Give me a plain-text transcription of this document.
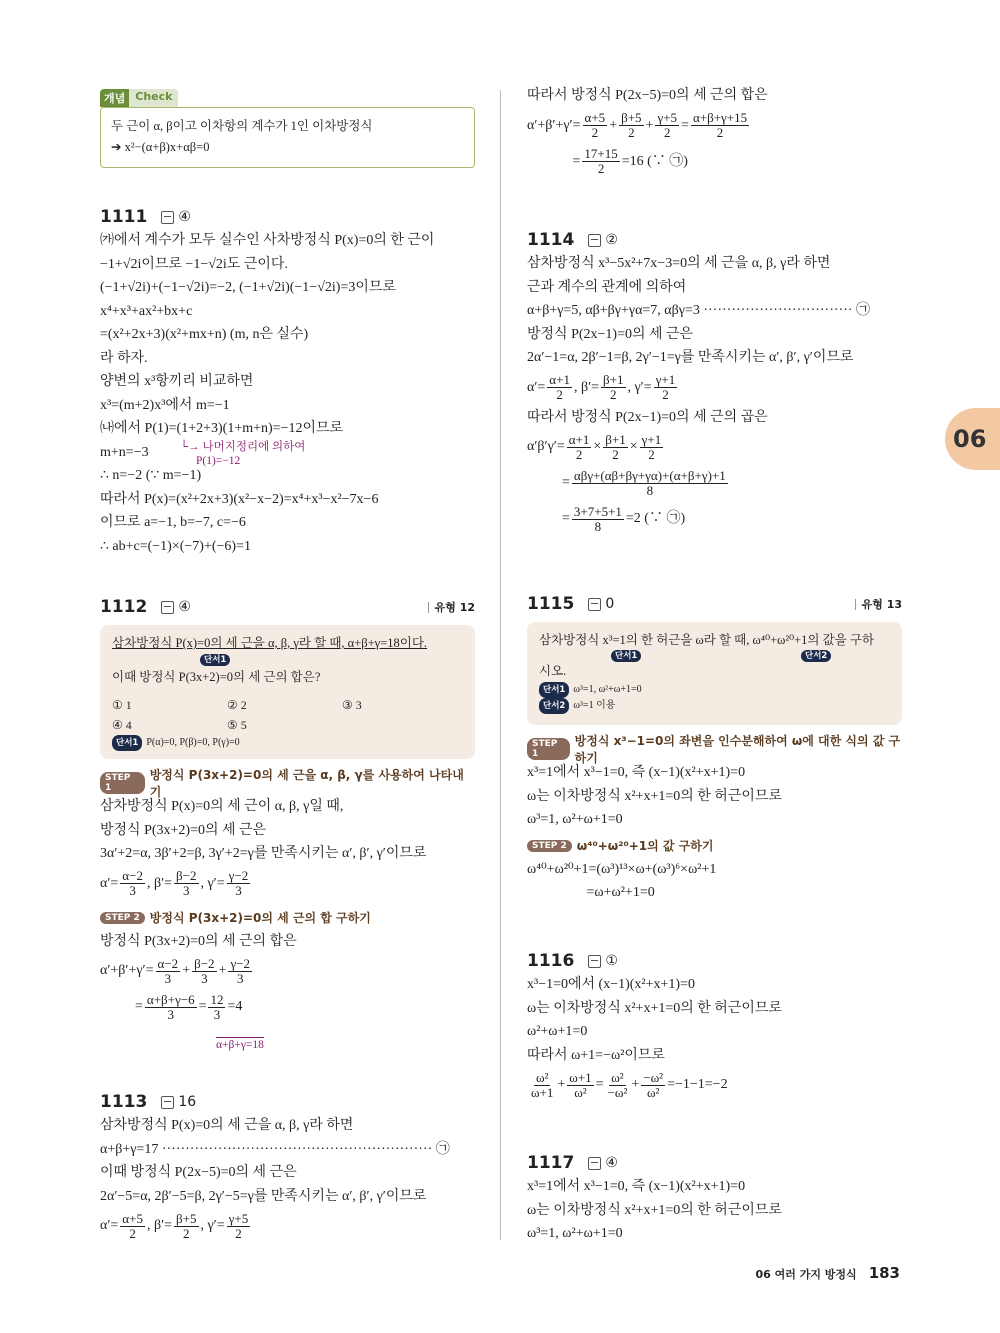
06
개념 Check
두 근이 α, β이고 이차항의 계수가 1인 이차방정식
➔ x²−(α+β)x+αβ=0
1111 ④
㈎에서 계수가 모두 실수인 사차방정식 P(x)=0의 한 근이
−1+√2i이므로 −1−√2i도 근이다.
(−1+√2i)+(−1−√2i)=−2, (−1+√2i)(−1−√2i)=3이므로
x⁴+x³+ax²+bx+c
=(x²+2x+3)(x²+mx+n) (m, n은 실수)
라 하자.
양변의 x³항끼리 비교하면
x³=(m+2)x³에서 m=−1
㈏에서 P(1)=(1+2+3)(1+m+n)=−12이므로
m+n=−3
∴ n=−2 (∵ m=−1)
따라서 P(x)=(x²+2x+3)(x²−x−2)=x⁴+x³−x²−7x−6
이므로 a=−1, b=−7, c=−6
∴ ab+c=(−1)×(−7)+(−6)=1
└→ 나머지정리에 의하여
P(1)=−12
1112 ④	유형 12
삼차방정식 P(x)=0의 세 근을 α, β, γ라 할 때, α+β+γ=18이다.
단서1
이때 방정식 P(3x+2)=0의 세 근의 합은?
① 1	② 2	③ 3
④ 4	⑤ 5
단서1 P(α)=0, P(β)=0, P(γ)=0
STEP 1
방정식 P(3x+2)=0의 세 근을 α, β, γ를 사용하여 나타내기
삼차방정식 P(x)=0의 세 근이 α, β, γ일 때,
방정식 P(3x+2)=0의 세 근은
3α′+2=α, 3β′+2=β, 3γ′+2=γ를 만족시키는 α′, β′, γ′이므로
$\alpha'= \frac{\alpha-2}{3}$ , $\beta'= \frac{\beta-2}{3}$ , $\gamma'= \frac{\gamma-2}{3}$
STEP 2 방정식 P(3x+2)=0의 세 근의 합 구하기
방정식 P(3x+2)=0의 세 근의 합은
$\alpha'+\beta'+\gamma'= \frac{\alpha-2}{3} + \frac{\beta-2}{3} + \frac{\gamma-2}{3}$
= $\frac{\alpha+\beta+\gamma-6}{3} = \frac{12}{3} =4$
α+β+γ=18
1113 16
삼차방정식 P(x)=0의 세 근을 α, β, γ라 하면
α+β+γ=17 ·························································· ㉠
이때 방정식 P(2x−5)=0의 세 근은
2α′−5=α, 2β′−5=β, 2γ′−5=γ를 만족시키는 α′, β′, γ′이므로
$\alpha'= \frac{\alpha+5}{2}$ , $\beta'= \frac{\beta+5}{2}$ , $\gamma'= \frac{\gamma+5}{2}$
따라서 방정식 P(2x−5)=0의 세 근의 합은
$\alpha'+\beta'+\gamma'= \frac{\alpha+5}{2} + \frac{\beta+5}{2} + \frac{\gamma+5}{2} = \frac{\alpha+\beta+\gamma+15}{2}$
= $\frac{17+15}{2} =16$ (∵ ㉠)
1114 ②
삼차방정식 x³−5x²+7x−3=0의 세 근을 α, β, γ라 하면
근과 계수의 관계에 의하여
α+β+γ=5, αβ+βγ+γα=7, αβγ=3 ································ ㉠
방정식 P(2x−1)=0의 세 근은
2α′−1=α, 2β′−1=β, 2γ′−1=γ를 만족시키는 α′, β′, γ′이므로
$\alpha'= \frac{\alpha+1}{2}$ , $\beta'= \frac{\beta+1}{2}$ , $\gamma'= \frac{\gamma+1}{2}$
따라서 방정식 P(2x−1)=0의 세 근의 곱은
$\alpha'\beta'\gamma'= \frac{\alpha+1}{2} \times \frac{\beta+1}{2} \times \frac{\gamma+1}{2}$
= $\frac{\text{αβγ+(αβ+βγ+γα)+(α+β+γ)+1}}{8}$
= $\frac{3+7+5+1}{8} =2$ (∵ ㉠)
1115 0	유형 13
삼차방정식 x³=1의 한 허근을 ω라 할 때, ω⁴⁰+ω²⁰+1의 값을 구하
단서1	단서2
시오.
단서1 ω³=1, ω²+ω+1=0
단서2 ω³=1 이용
STEP 1
방정식 x³−1=0의 좌변을 인수분해하여 ω에 대한 식의 값 구하기
x³=1에서 x³−1=0, 즉 (x−1)(x²+x+1)=0
ω는 이차방정식 x²+x+1=0의 한 허근이므로
ω³=1, ω²+ω+1=0
STEP 2 ω⁴⁰+ω²⁰+1의 값 구하기
ω⁴⁰+ω²⁰+1=(ω³)¹³×ω+(ω³)⁶×ω²+1
=ω+ω²+1=0
1116 ①
x³−1=0에서 (x−1)(x²+x+1)=0
ω는 이차방정식 x²+x+1=0의 한 허근이므로
ω²+ω+1=0
따라서 ω+1=−ω²이므로
$\frac{\text{ω²}}{\omega+1} + \frac{\omega+1}{\text{ω²}} = \frac{\text{ω²}}{\text{−ω²}} + \frac{\text{−ω²}}{\text{ω²}} =-1-1=-2$
1117 ④
x³=1에서 x³−1=0, 즉 (x−1)(x²+x+1)=0
ω는 이차방정식 x²+x+1=0의 한 허근이므로
ω³=1, ω²+ω+1=0
06 여러 가지 방정식 183
